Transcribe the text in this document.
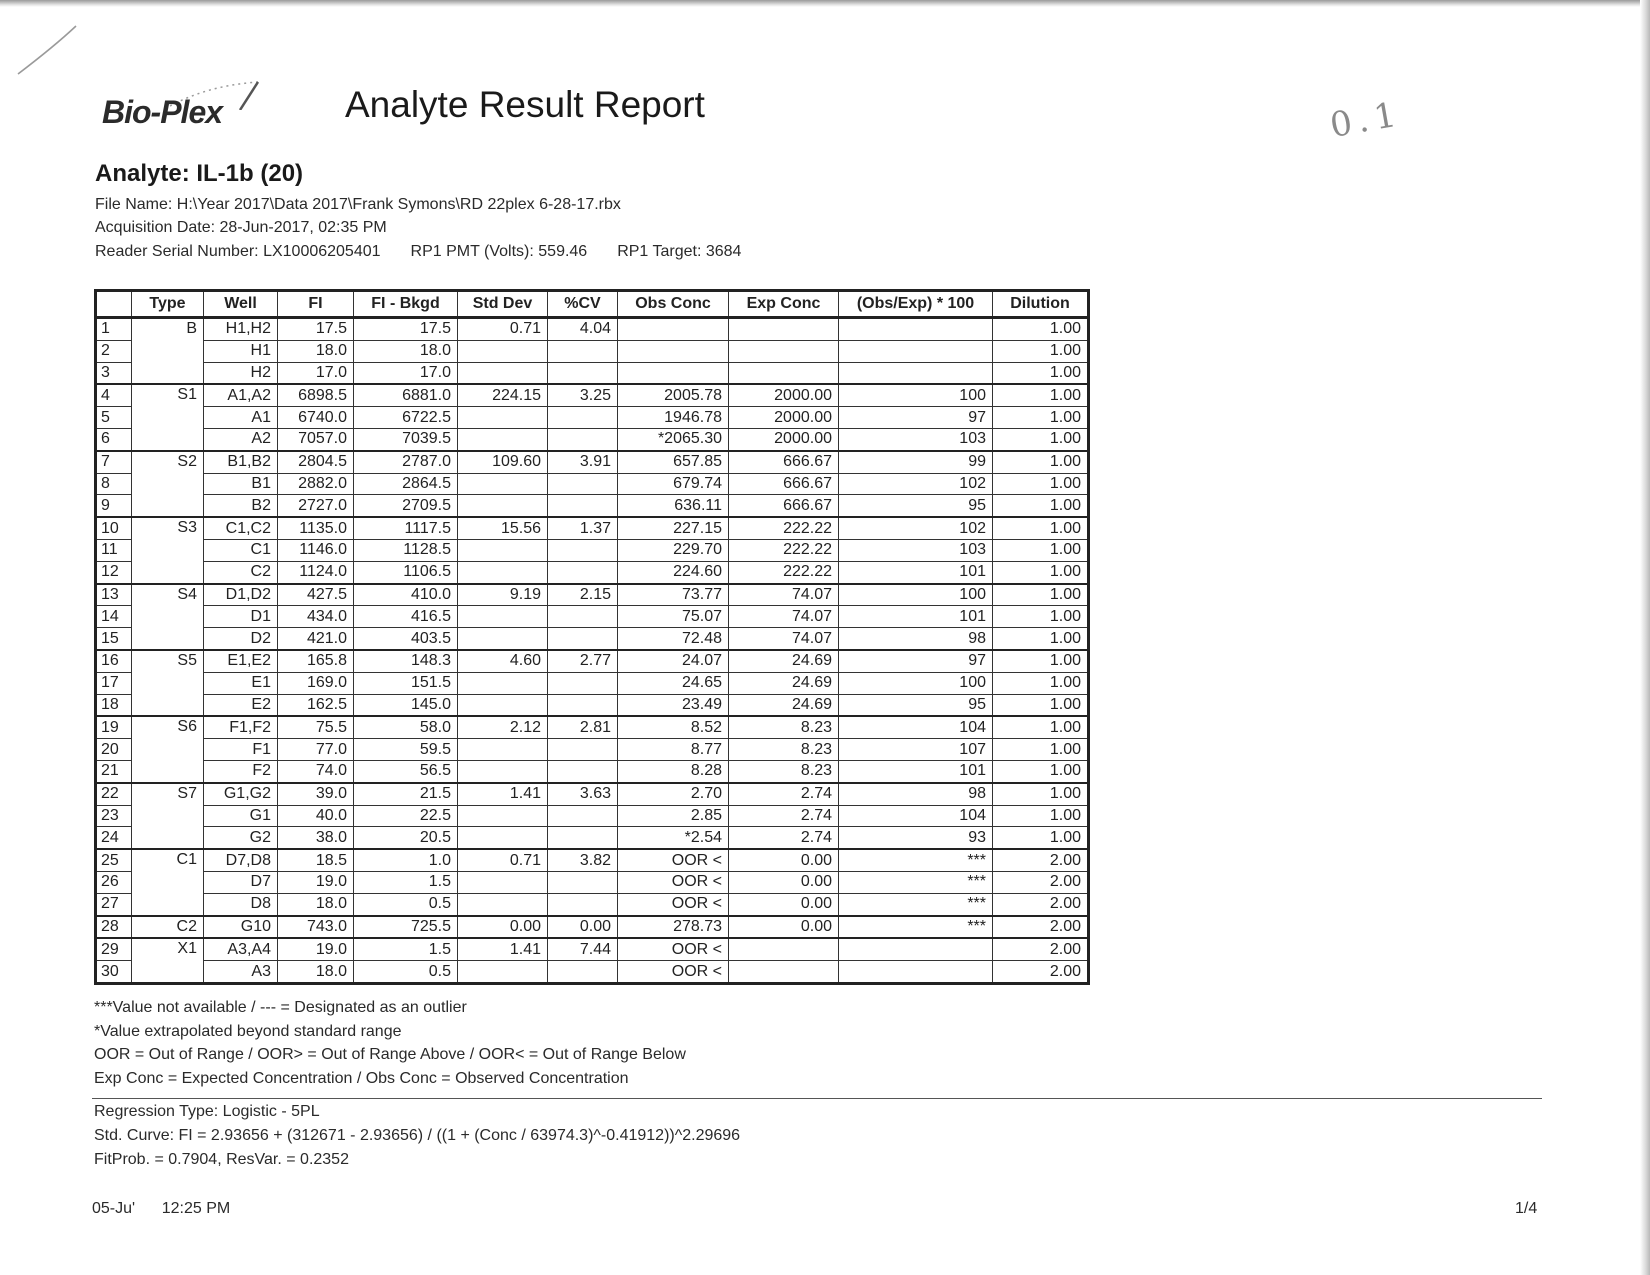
0.1
Bio-Plex	Analyte Result Report
Analyte: IL-1b (20)
File Name: H:\Year 2017\Data 2017\Frank Symons\RD 22plex 6-28-17.rbx
Acquisition Date: 28-Jun-2017, 02:35 PM
Reader Serial Number: LX10006205401 RP1 PMT (Volts): 559.46 RP1 Target: 3684
	Type	Well	FI	FI - Bkgd	Std Dev	%CV	Obs Conc	Exp Conc	(Obs/Exp) * 100	Dilution
1	B	H1,H2	17.5	17.5	0.71	4.04				1.00
2		H1	18.0	18.0						1.00
3		H2	17.0	17.0						1.00
4	S1	A1,A2	6898.5	6881.0	224.15	3.25	2005.78	2000.00	100	1.00
5		A1	6740.0	6722.5			1946.78	2000.00	97	1.00
6		A2	7057.0	7039.5			*2065.30	2000.00	103	1.00
7	S2	B1,B2	2804.5	2787.0	109.60	3.91	657.85	666.67	99	1.00
8		B1	2882.0	2864.5			679.74	666.67	102	1.00
9		B2	2727.0	2709.5			636.11	666.67	95	1.00
10	S3	C1,C2	1135.0	1117.5	15.56	1.37	227.15	222.22	102	1.00
11		C1	1146.0	1128.5			229.70	222.22	103	1.00
12		C2	1124.0	1106.5			224.60	222.22	101	1.00
13	S4	D1,D2	427.5	410.0	9.19	2.15	73.77	74.07	100	1.00
14		D1	434.0	416.5			75.07	74.07	101	1.00
15		D2	421.0	403.5			72.48	74.07	98	1.00
16	S5	E1,E2	165.8	148.3	4.60	2.77	24.07	24.69	97	1.00
17		E1	169.0	151.5			24.65	24.69	100	1.00
18		E2	162.5	145.0			23.49	24.69	95	1.00
19	S6	F1,F2	75.5	58.0	2.12	2.81	8.52	8.23	104	1.00
20		F1	77.0	59.5			8.77	8.23	107	1.00
21		F2	74.0	56.5			8.28	8.23	101	1.00
22	S7	G1,G2	39.0	21.5	1.41	3.63	2.70	2.74	98	1.00
23		G1	40.0	22.5			2.85	2.74	104	1.00
24		G2	38.0	20.5			*2.54	2.74	93	1.00
25	C1	D7,D8	18.5	1.0	0.71	3.82	OOR <	0.00	***	2.00
26		D7	19.0	1.5			OOR <	0.00	***	2.00
27		D8	18.0	0.5			OOR <	0.00	***	2.00
28	C2	G10	743.0	725.5	0.00	0.00	278.73	0.00	***	2.00
29	X1	A3,A4	19.0	1.5	1.41	7.44	OOR <			2.00
30		A3	18.0	0.5			OOR <			2.00
***Value not available / --- = Designated as an outlier
*Value extrapolated beyond standard range
OOR = Out of Range / OOR> = Out of Range Above / OOR< = Out of Range Below
Exp Conc = Expected Concentration / Obs Conc = Observed Concentration
Regression Type: Logistic - 5PL
Std. Curve: FI = 2.93656 + (312671 - 2.93656) / ((1 + (Conc / 63974.3)^-0.41912))^2.29696
FitProb. = 0.7904, ResVar. = 0.2352
05-Ju'      12:25 PM	1/4
